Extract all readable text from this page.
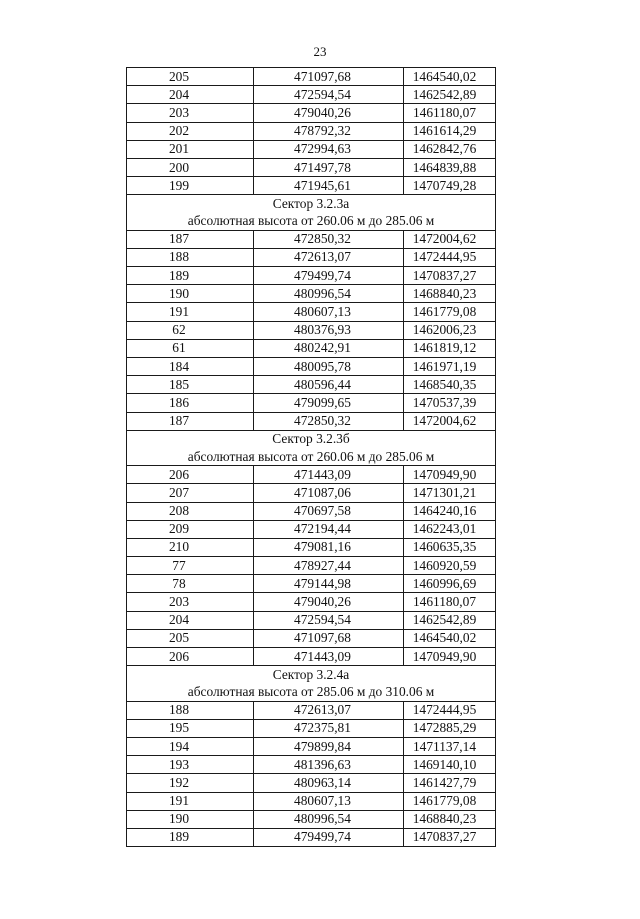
23
205	471097,68	1464540,02
204	472594,54	1462542,89
203	479040,26	1461180,07
202	478792,32	1461614,29
201	472994,63	1462842,76
200	471497,78	1464839,88
199	471945,61	1470749,28
Сектор 3.2.3а		
абсолютная высота от 260.06 м до 285.06 м		
187	472850,32	1472004,62
188	472613,07	1472444,95
189	479499,74	1470837,27
190	480996,54	1468840,23
191	480607,13	1461779,08
62	480376,93	1462006,23
61	480242,91	1461819,12
184	480095,78	1461971,19
185	480596,44	1468540,35
186	479099,65	1470537,39
187	472850,32	1472004,62
Сектор 3.2.3б		
абсолютная высота от 260.06 м до 285.06 м		
206	471443,09	1470949,90
207	471087,06	1471301,21
208	470697,58	1464240,16
209	472194,44	1462243,01
210	479081,16	1460635,35
77	478927,44	1460920,59
78	479144,98	1460996,69
203	479040,26	1461180,07
204	472594,54	1462542,89
205	471097,68	1464540,02
206	471443,09	1470949,90
Сектор 3.2.4а		
абсолютная высота от 285.06 м до 310.06 м		
188	472613,07	1472444,95
195	472375,81	1472885,29
194	479899,84	1471137,14
193	481396,63	1469140,10
192	480963,14	1461427,79
191	480607,13	1461779,08
190	480996,54	1468840,23
189	479499,74	1470837,27
